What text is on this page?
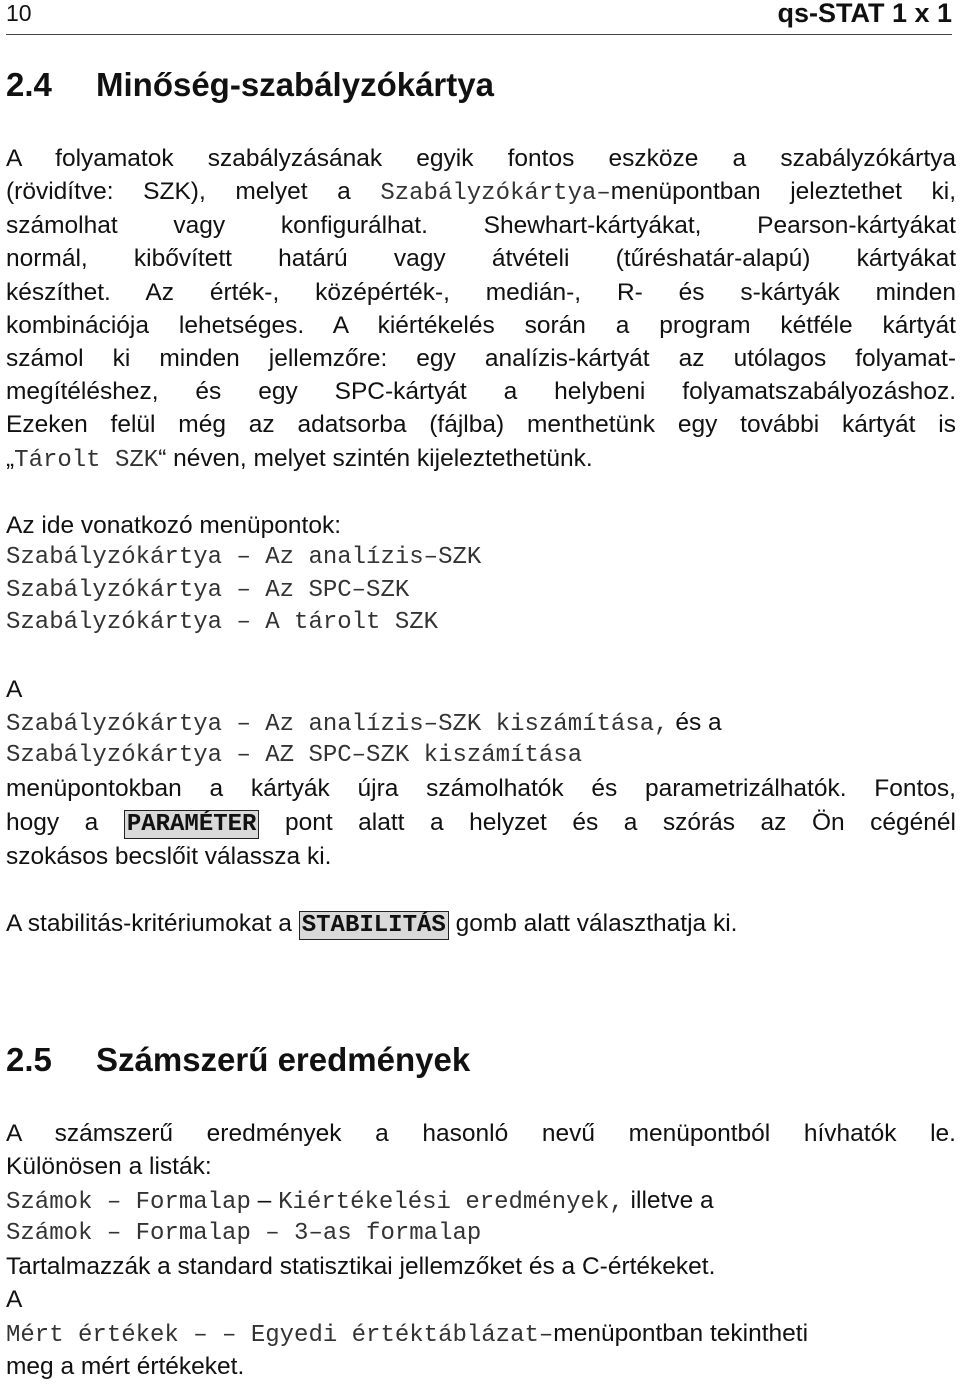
10	qs-STAT 1 x 1
2.4 Minőség-szabályzókártya
A folyamatok szabályzásának egyik fontos eszköze a szabályzókártya
(rövidítve: SZK), melyet a Szabályzókártya–menüpontban jeleztethet ki,
számolhat vagy konfigurálhat. Shewhart-kártyákat, Pearson-kártyákat
normál, kibővített határú vagy átvételi (tűréshatár-alapú) kártyákat
készíthet. Az érték-, középérték-, medián-, R- és s-kártyák minden
kombinációja lehetséges. A kiértékelés során a program kétféle kártyát
számol ki minden jellemzőre: egy analízis-kártyát az utólagos folyamat-
megítéléshez, és egy SPC-kártyát a helybeni folyamatszabályozáshoz.
Ezeken felül még az adatsorba (fájlba) menthetünk egy további kártyát is
„Tárolt SZK“ néven, melyet szintén kijeleztethetünk.
Az ide vonatkozó menüpontok:
Szabályzókártya – Az analízis–SZK
Szabályzókártya – Az SPC–SZK
Szabályzókártya – A tárolt SZK
A
Szabályzókártya – Az analízis–SZK kiszámítása, és a
Szabályzókártya – AZ SPC–SZK kiszámítása
menüpontokban a kártyák újra számolhatók és parametrizálhatók. Fontos,
hogy a PARAMÉTER pont alatt a helyzet és a szórás az Ön cégénél
szokásos becslőit válassza ki.
A stabilitás-kritériumokat a STABILITÁS gomb alatt választhatja ki.
2.5 Számszerű eredmények
A számszerű eredmények a hasonló nevű menüpontból hívhatók le.
Különösen a listák:
Számok – Formalap – Kiértékelési eredmények, illetve a
Számok – Formalap – 3–as formalap
Tartalmazzák a standard statisztikai jellemzőket és a C-értékeket.
A
Mért értékek – – Egyedi értéktáblázat–menüpontban tekintheti
meg a mért értékeket.
